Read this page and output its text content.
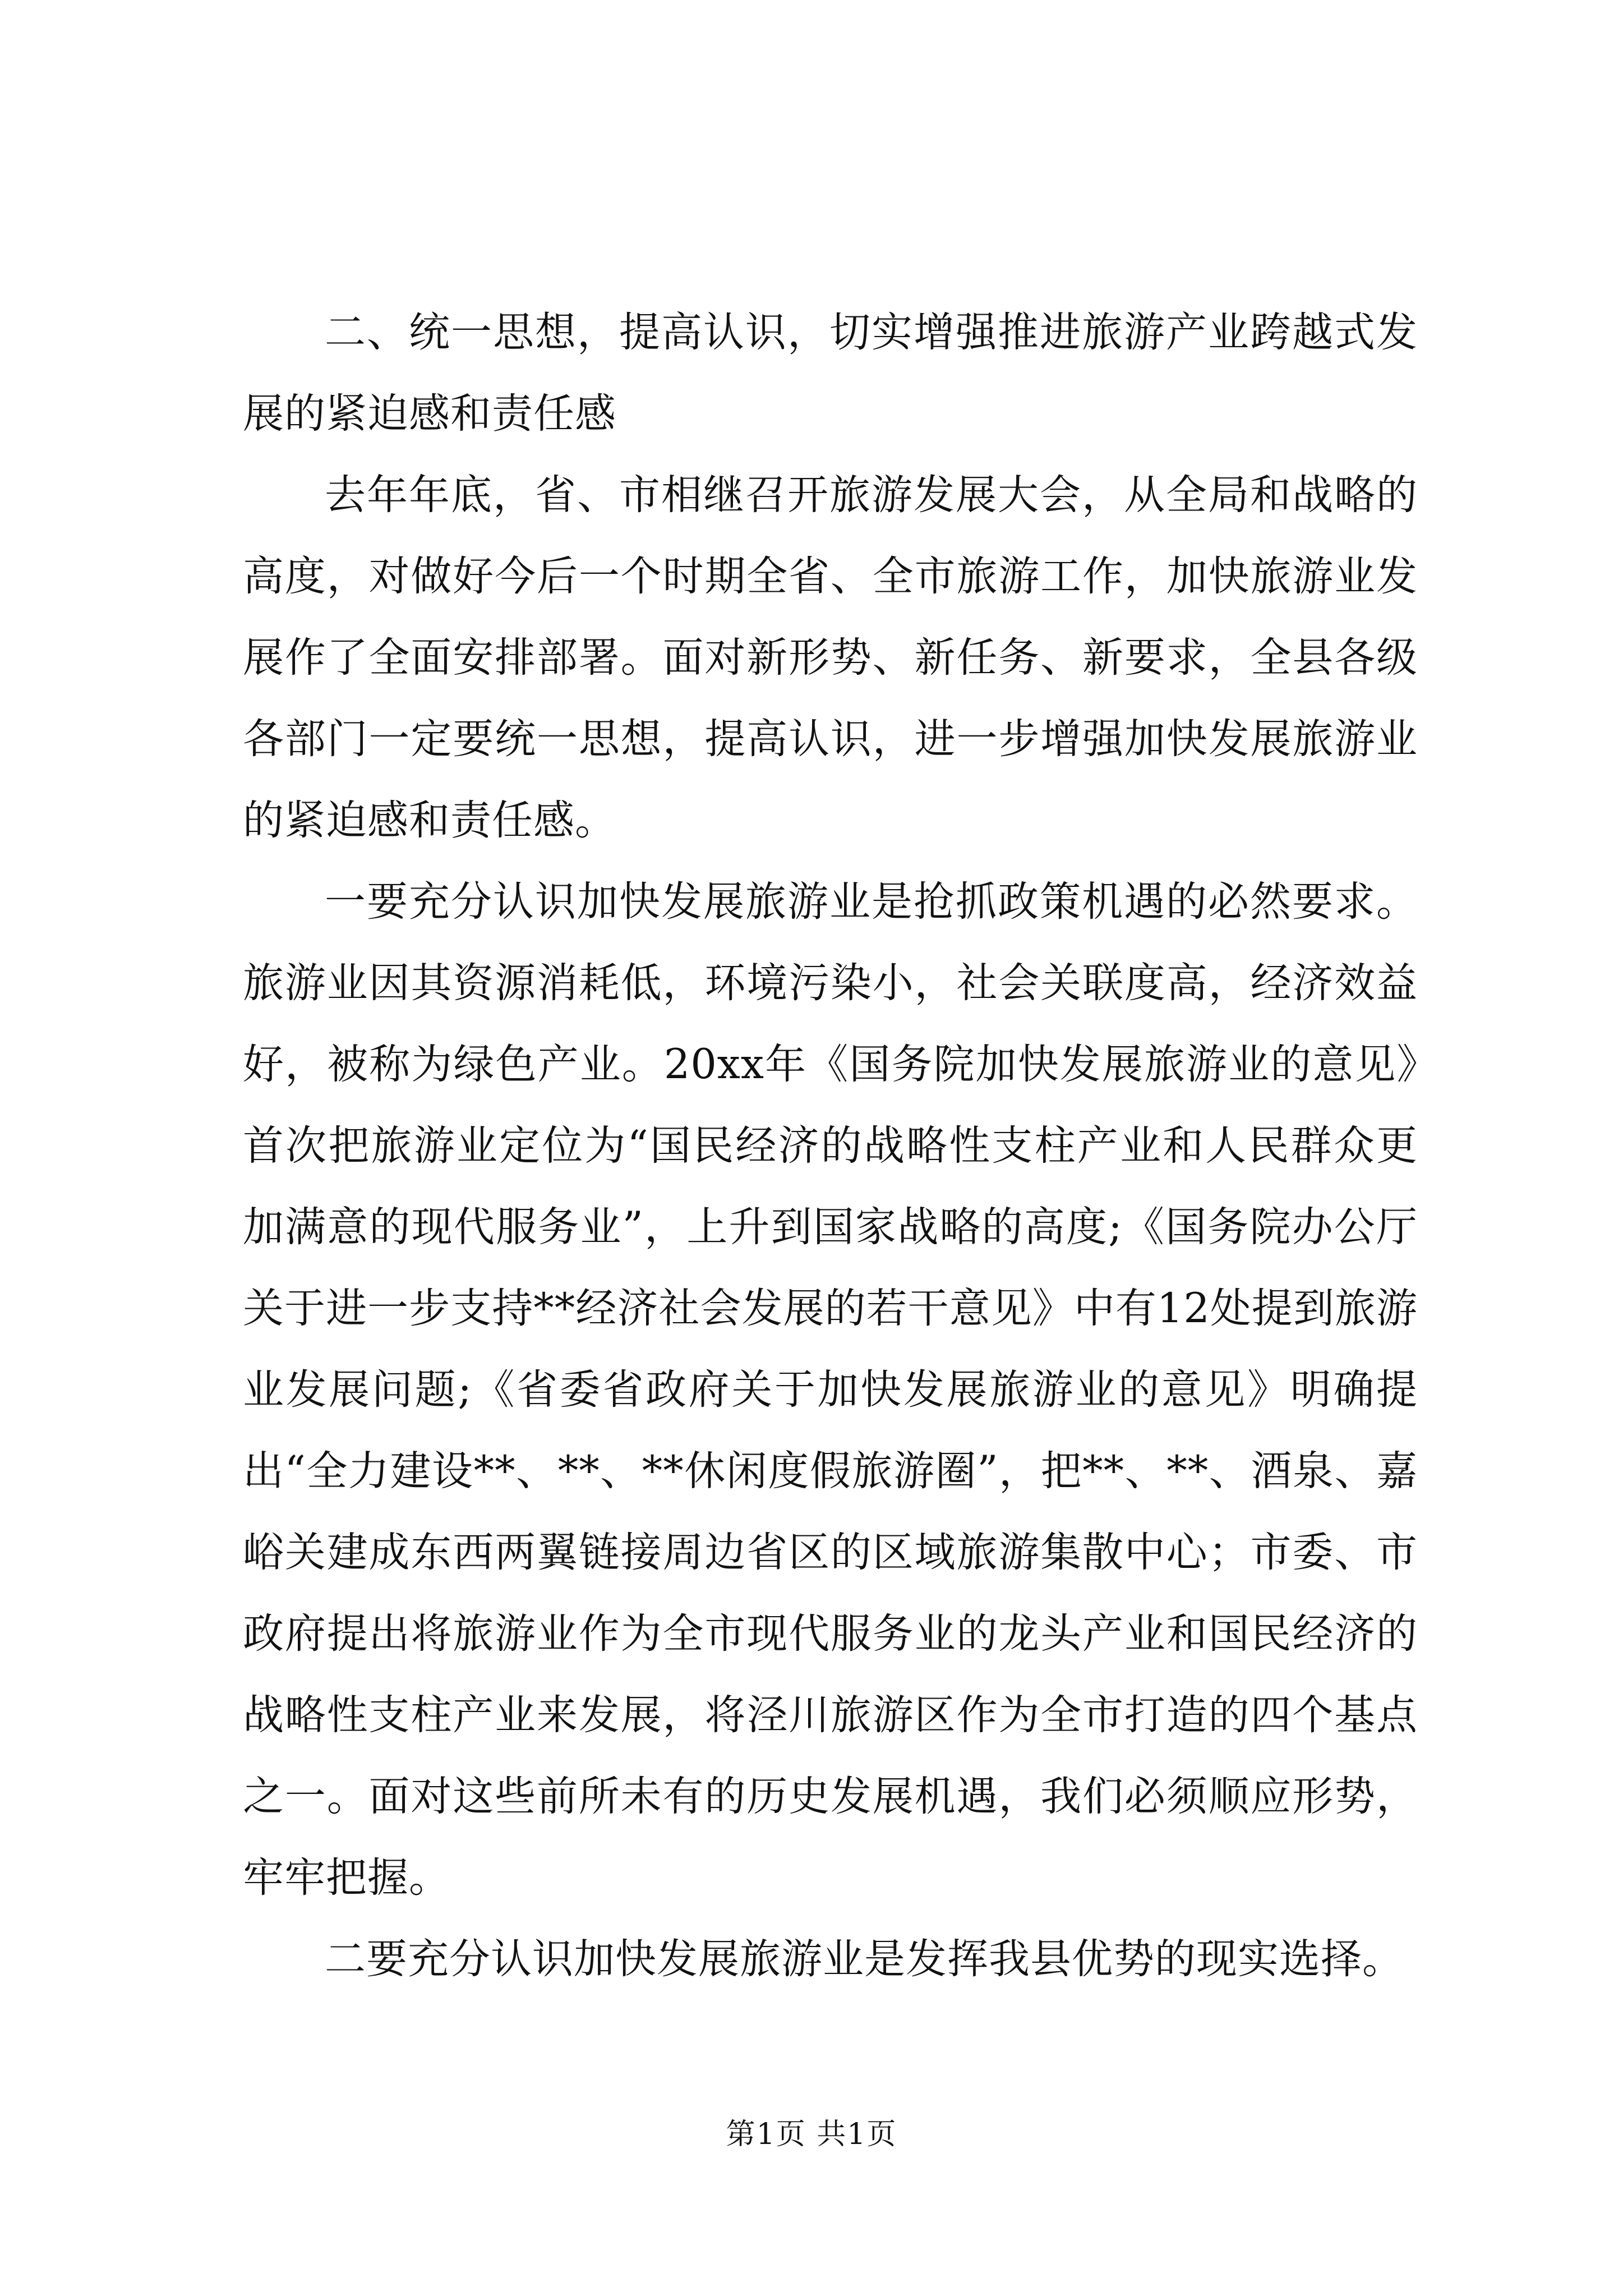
二、统一思想，提高认识，切实增强推进旅游产业跨越式发展的紧迫感和责任感

去年年底，省、市相继召开旅游发展大会，从全局和战略的高度，对做好今后一个时期全省、全市旅游工作，加快旅游业发展作了全面安排部署。面对新形势、新任务、新要求，全县各级各部门一定要统一思想，提高认识，进一步增强加快发展旅游业的紧迫感和责任感。

一要充分认识加快发展旅游业是抢抓政策机遇的必然要求。旅游业因其资源消耗低，环境污染小，社会关联度高，经济效益好，被称为绿色产业。20xx年《国务院加快发展旅游业的意见》首次把旅游业定位为“国民经济的战略性支柱产业和人民群众更加满意的现代服务业”，上升到国家战略的高度;《国务院办公厅关于进一步支持**经济社会发展的若干意见》中有12处提到旅游业发展问题;《省委省政府关于加快发展旅游业的意见》明确提出“全力建设**、**、**休闲度假旅游圈”，把**、**、酒泉、嘉峪关建成东西两翼链接周边省区的区域旅游集散中心；市委、市政府提出将旅游业作为全市现代服务业的龙头产业和国民经济的战略性支柱产业来发展，将泾川旅游区作为全市打造的四个基点之一。面对这些前所未有的历史发展机遇，我们必须顺应形势，牢牢把握。

二要充分认识加快发展旅游业是发挥我县优势的现实选择。

第1页 共1页
